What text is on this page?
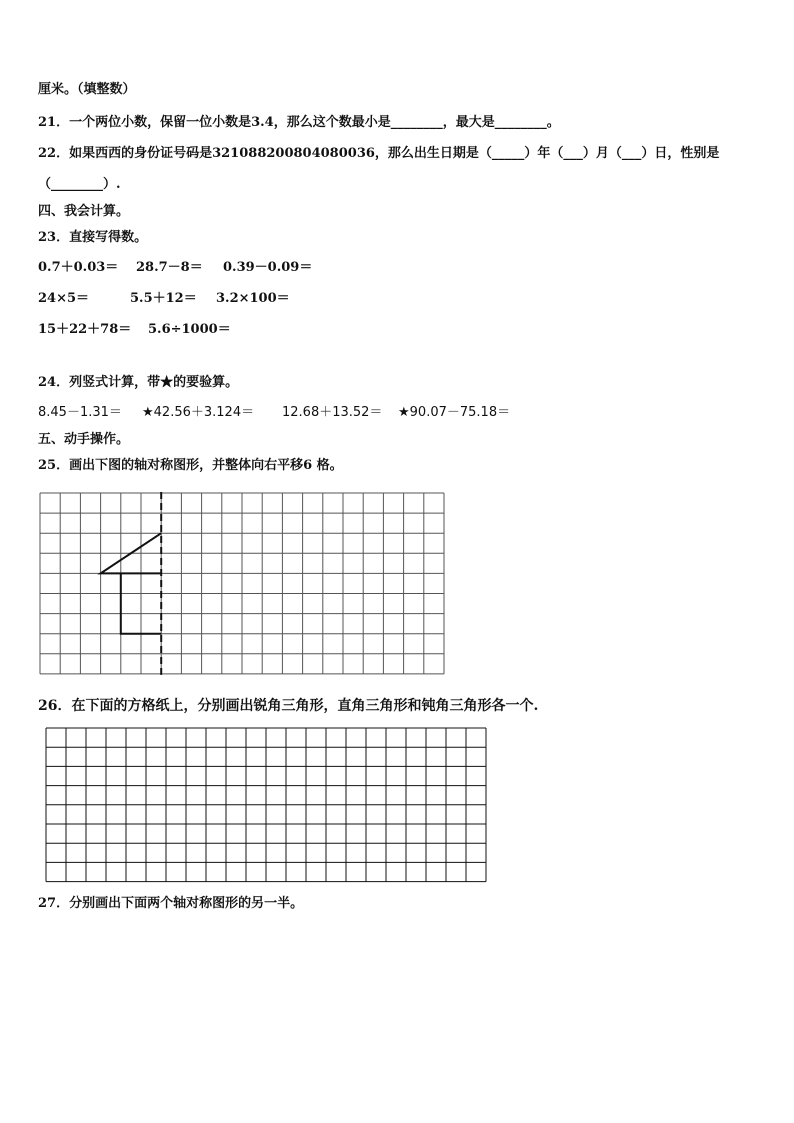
厘米。（填整数）
21．一个两位小数，保留一位小数是3.4，那么这个数最小是________，最大是________。
22．如果西西的身份证号码是321088200804080036，那么出生日期是（_____）年（___）月（___）日，性别是
（________）.
四、我会计算。
23．直接写得数。
0.7＋0.03＝ 28.7－8＝ 0.39－0.09＝
24×5＝	5.5＋12＝ 3.2×100＝
15＋22＋78＝ 5.6÷1000＝
24．列竖式计算，带★的要验算。
8.45－1.31＝ ★42.56＋3.124＝ 12.68＋13.52＝ ★90.07－75.18＝
五、动手操作。
25．画出下图的轴对称图形，并整体向右平移6 格。
26．在下面的方格纸上，分别画出锐角三角形，直角三角形和钝角三角形各一个.
27．分别画出下面两个轴对称图形的另一半。
